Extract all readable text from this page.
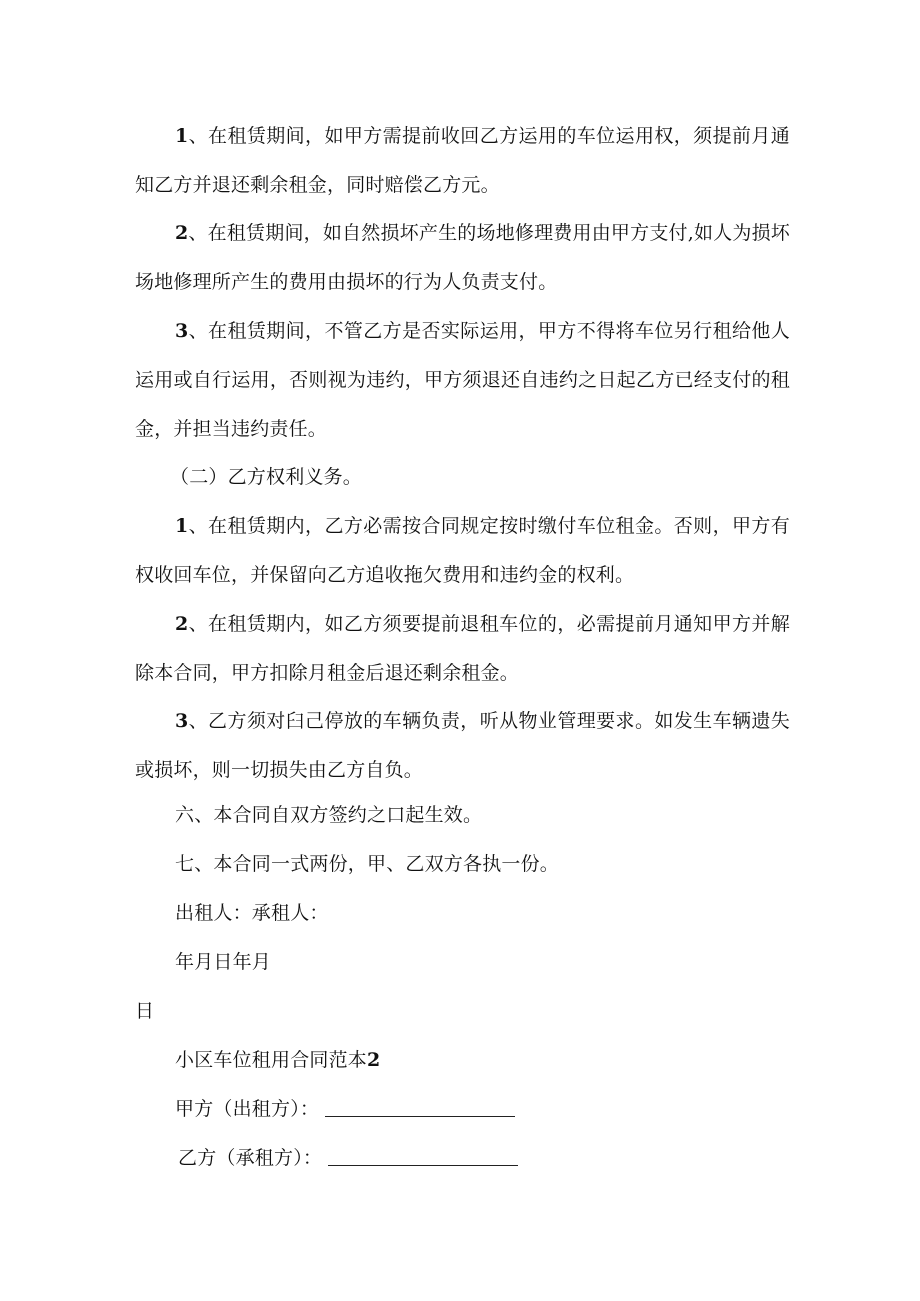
1、在租赁期间，如甲方需提前收回乙方运用的车位运用权，须提前月通知乙方并退还剩余租金，同时赔偿乙方元。

2、在租赁期间，如自然损坏产生的场地修理费用由甲方支付,如人为损坏场地修理所产生的费用由损坏的行为人负责支付。

3、在租赁期间，不管乙方是否实际运用，甲方不得将车位另行租给他人运用或自行运用，否则视为违约，甲方须退还自违约之日起乙方已经支付的租金，并担当违约责任。

（二）乙方权利义务。

1、在租赁期内，乙方必需按合同规定按时缴付车位租金。否则，甲方有权收回车位，并保留向乙方追收拖欠费用和违约金的权利。

2、在租赁期内，如乙方须要提前退租车位的，必需提前月通知甲方并解除本合同，甲方扣除月租金后退还剩余租金。

3、乙方须对臼己停放的车辆负责，听从物业管理要求。如发生车辆遗失或损坏，则一切损失由乙方自负。

六、本合同自双方签约之口起生效。

七、本合同一式两份，甲、乙双方各执一份。

出租人：承租人：

年月日年月

日

小区车位租用合同范本2

甲方（出租方）：

乙方（承租方）：
